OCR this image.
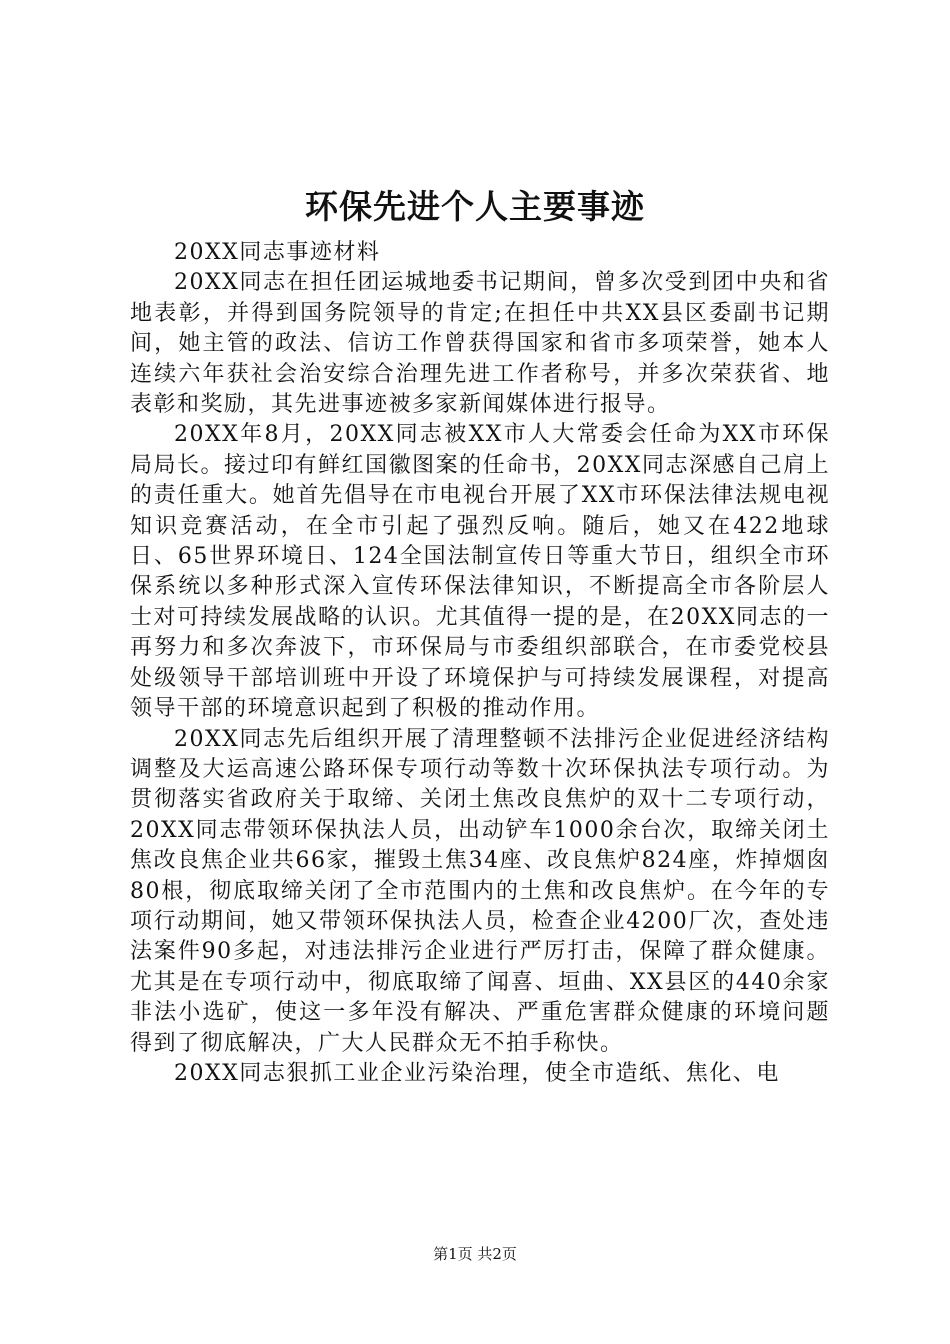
环保先进个人主要事迹

20XX同志事迹材料

20XX同志在担任团运城地委书记期间，曾多次受到团中央和省地表彰，并得到国务院领导的肯定;在担任中共XX县区委副书记期间，她主管的政法、信访工作曾获得国家和省市多项荣誉，她本人连续六年获社会治安综合治理先进工作者称号，并多次荣获省、地表彰和奖励，其先进事迹被多家新闻媒体进行报导。

20XX年8月，20XX同志被XX市人大常委会任命为XX市环保局局长。接过印有鲜红国徽图案的任命书，20XX同志深感自己肩上的责任重大。她首先倡导在市电视台开展了XX市环保法律法规电视知识竞赛活动，在全市引起了强烈反响。随后，她又在422地球日、65世界环境日、124全国法制宣传日等重大节日，组织全市环保系统以多种形式深入宣传环保法律知识，不断提高全市各阶层人士对可持续发展战略的认识。尤其值得一提的是，在20XX同志的一再努力和多次奔波下，市环保局与市委组织部联合，在市委党校县处级领导干部培训班中开设了环境保护与可持续发展课程，对提高领导干部的环境意识起到了积极的推动作用。

20XX同志先后组织开展了清理整顿不法排污企业促进经济结构调整及大运高速公路环保专项行动等数十次环保执法专项行动。为贯彻落实省政府关于取缔、关闭土焦改良焦炉的双十二专项行动，20XX同志带领环保执法人员，出动铲车1000余台次，取缔关闭土焦改良焦企业共66家，摧毁土焦34座、改良焦炉824座，炸掉烟囱80根，彻底取缔关闭了全市范围内的土焦和改良焦炉。在今年的专项行动期间，她又带领环保执法人员，检查企业4200厂次，查处违法案件90多起，对违法排污企业进行严厉打击，保障了群众健康。尤其是在专项行动中，彻底取缔了闻喜、垣曲、XX县区的440余家非法小选矿，使这一多年没有解决、严重危害群众健康的环境问题得到了彻底解决，广大人民群众无不拍手称快。

20XX同志狠抓工业企业污染治理，使全市造纸、焦化、电

第1页 共2页
